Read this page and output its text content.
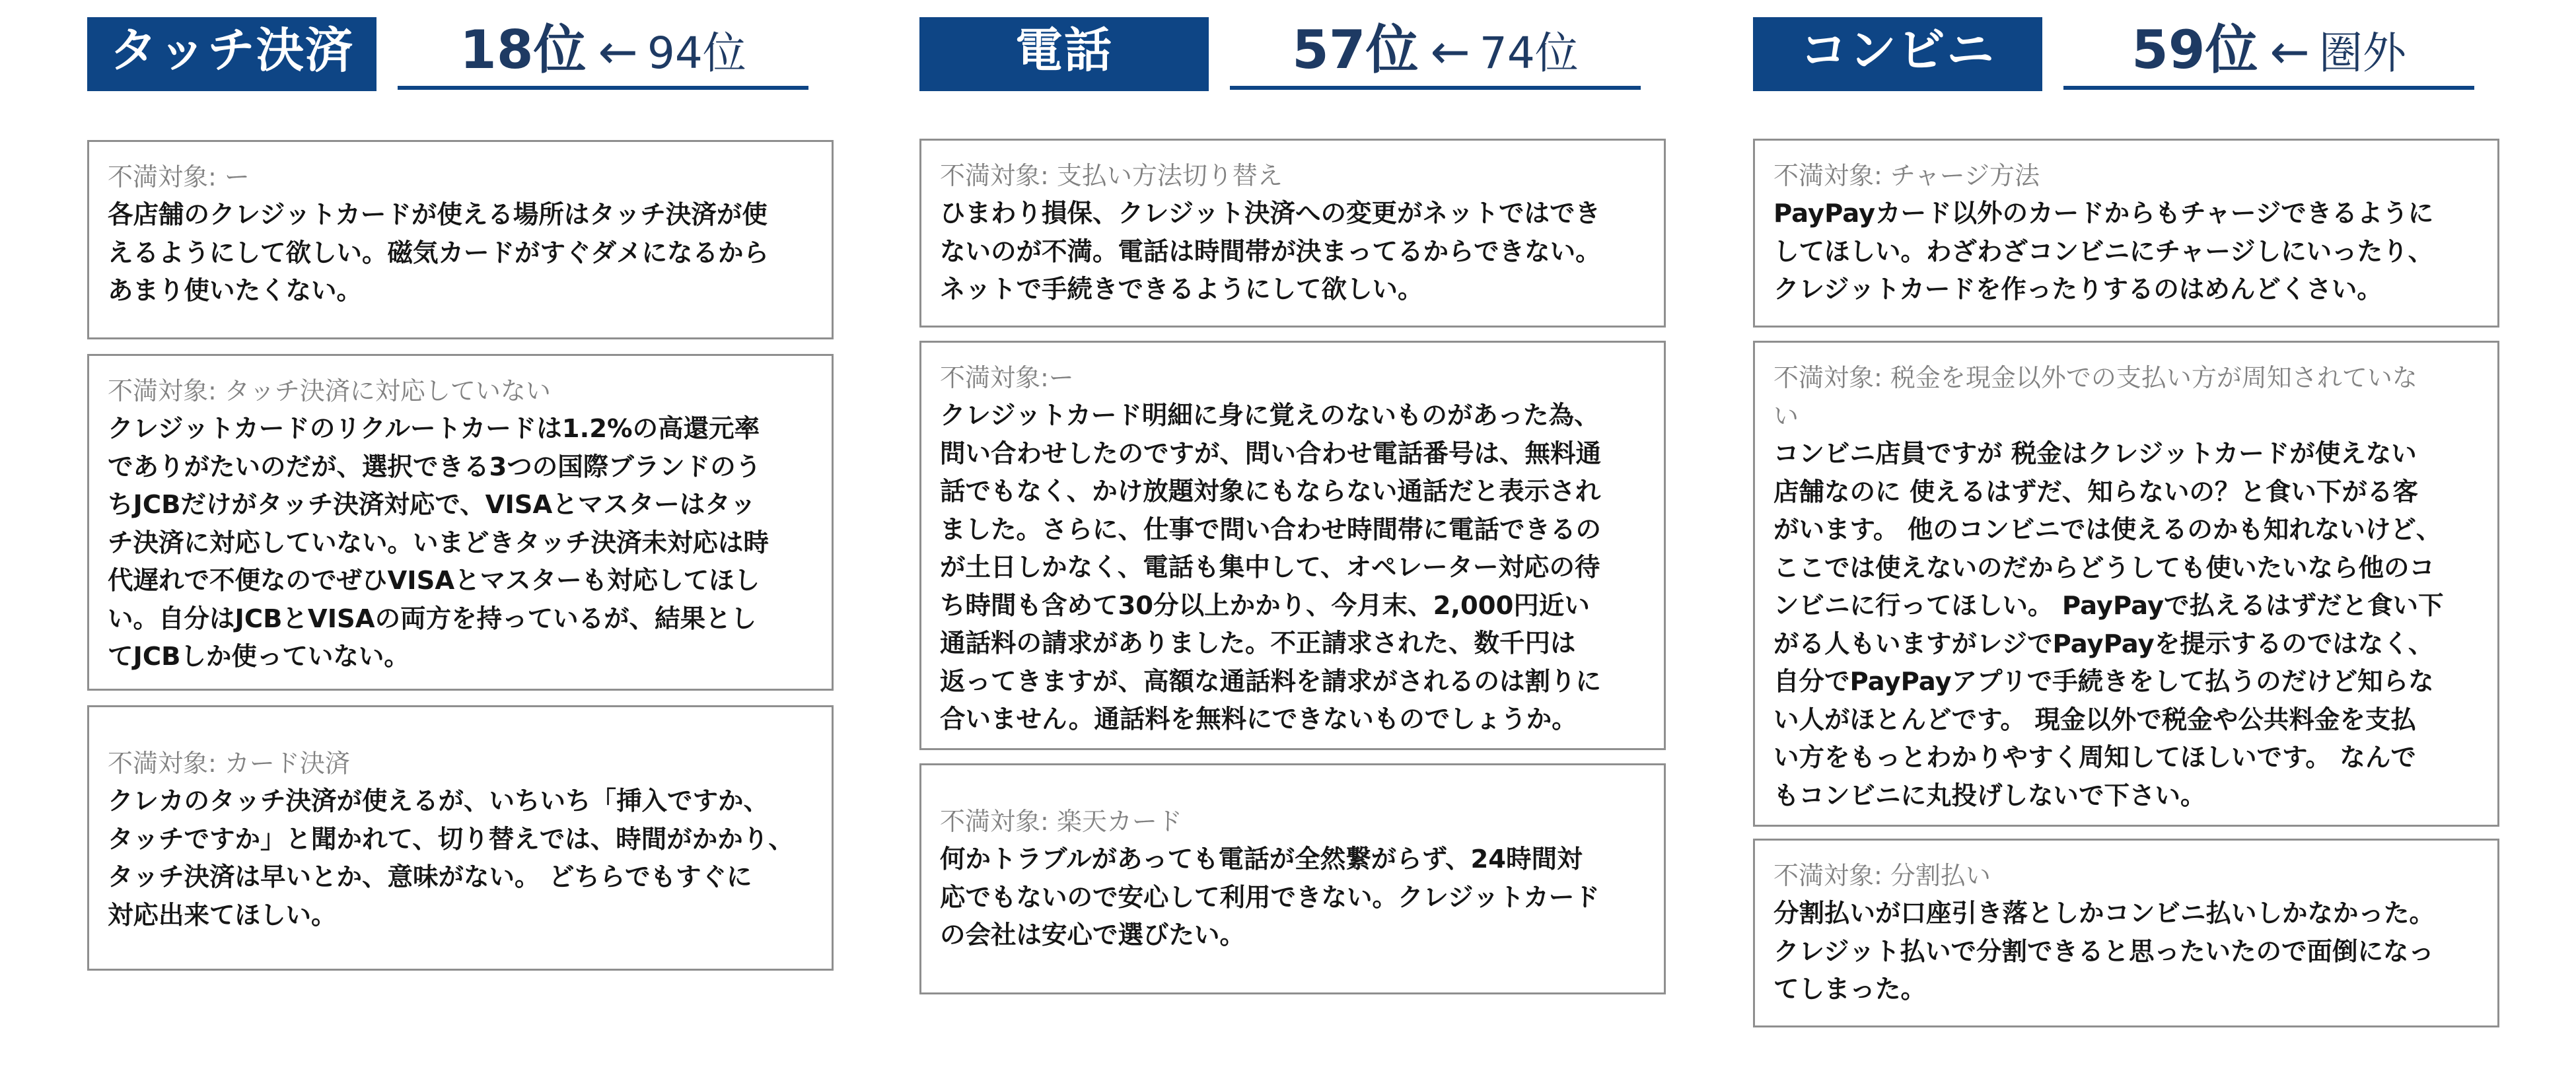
タッチ決済	18位 ← 94位
不満対象: ー
各店舗のクレジットカードが使える場所はタッチ決済が使
えるようにして欲しい。磁気カードがすぐダメになるから
あまり使いたくない。
不満対象: タッチ決済に対応していない
クレジットカードのリクルートカードは1.2%の高還元率
でありがたいのだが、選択できる3つの国際ブランドのう
ちJCBだけがタッチ決済対応で、VISAとマスターはタッ
チ決済に対応していない。いまどきタッチ決済未対応は時
代遅れで不便なのでぜひVISAとマスターも対応してほし
い。自分はJCBとVISAの両方を持っているが、結果とし
てJCBしか使っていない。
不満対象: カード決済
クレカのタッチ決済が使えるが、いちいち「挿入ですか、
タッチですか」と聞かれて、切り替えでは、時間がかかり、
タッチ決済は早いとか、意味がない。 どちらでもすぐに
対応出来てほしい。
電話	57位 ← 74位
不満対象: 支払い方法切り替え
ひまわり損保、クレジット決済への変更がネットではでき
ないのが不満。電話は時間帯が決まってるからできない。
ネットで手続きできるようにして欲しい。
不満対象:ー
クレジットカード明細に身に覚えのないものがあった為、
問い合わせしたのですが、問い合わせ電話番号は、無料通
話でもなく、かけ放題対象にもならない通話だと表示され
ました。さらに、仕事で問い合わせ時間帯に電話できるの
が土日しかなく、電話も集中して、オペレーター対応の待
ち時間も含めて30分以上かかり、今月末、2,000円近い
通話料の請求がありました。不正請求された、数千円は
返ってきますが、高額な通話料を請求がされるのは割りに
合いません。通話料を無料にできないものでしょうか。
不満対象: 楽天カード
何かトラブルがあっても電話が全然繋がらず、24時間対
応でもないので安心して利用できない。クレジットカード
の会社は安心で選びたい。
コンビニ	59位 ← 圏外
不満対象: チャージ方法
PayPayカード以外のカードからもチャージできるように
してほしい。わざわざコンビニにチャージしにいったり、
クレジットカードを作ったりするのはめんどくさい。
不満対象: 税金を現金以外での支払い方が周知されていな
い
コンビニ店員ですが 税金はクレジットカードが使えない
店舗なのに 使えるはずだ、知らないの？と食い下がる客
がいます。 他のコンビニでは使えるのかも知れないけど、
ここでは使えないのだからどうしても使いたいなら他のコ
ンビニに行ってほしい。 PayPayで払えるはずだと食い下
がる人もいますがレジでPayPayを提示するのではなく、
自分でPayPayアプリで手続きをして払うのだけど知らな
い人がほとんどです。 現金以外で税金や公共料金を支払
い方をもっとわかりやすく周知してほしいです。 なんで
もコンビニに丸投げしないで下さい。
不満対象: 分割払い
分割払いが口座引き落としかコンビニ払いしかなかった。
クレジット払いで分割できると思ったいたので面倒になっ
てしまった。
